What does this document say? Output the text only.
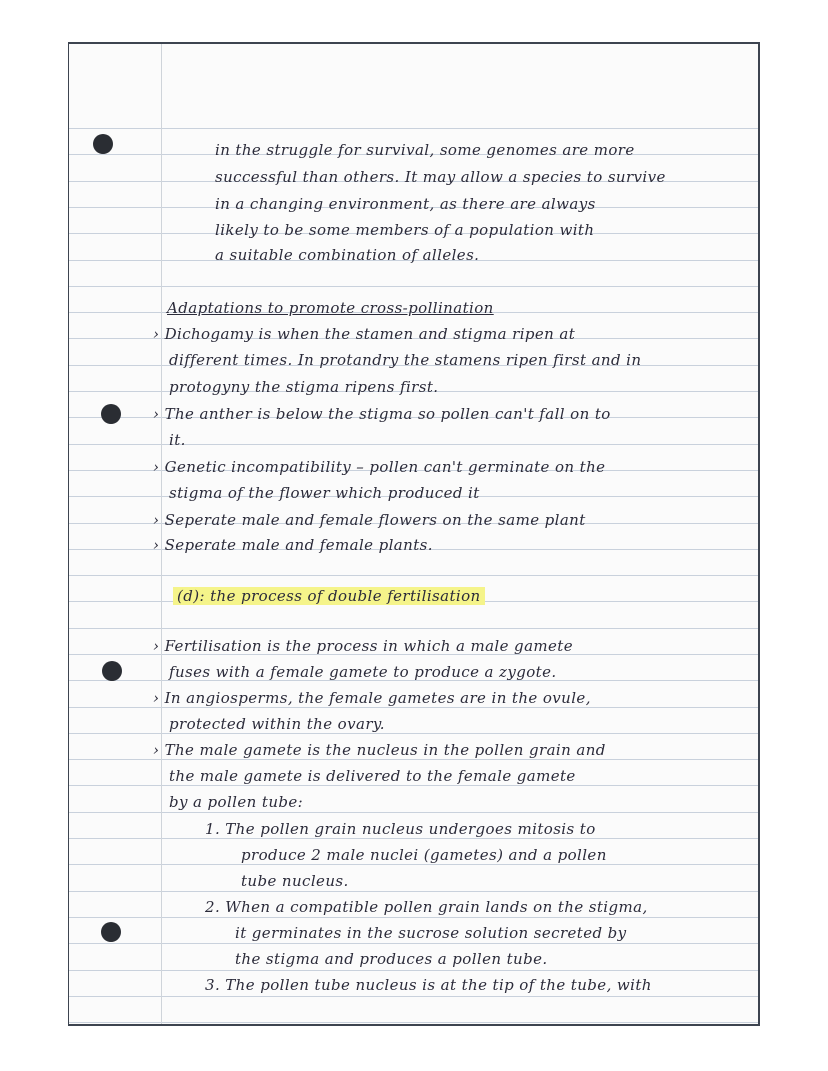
in the struggle for survival, some genomes are more
successful than others. It may allow a species to survive
in a changing environment, as there are always
likely to be some members of a population with
a suitable combination of alleles.
Adaptations to promote cross-pollination
› Dichogamy is when the stamen and stigma ripen at
different times. In protandry the stamens ripen first and in
protogyny the stigma ripens first.
› The anther is below the stigma so pollen can't fall on to
it.
› Genetic incompatibility – pollen can't germinate on the
stigma of the flower which produced it
› Seperate male and female flowers on the same plant
› Seperate male and female plants.
(d): the process of double fertilisation
› Fertilisation is the process in which a male gamete
fuses with a female gamete to produce a zygote.
› In angiosperms, the female gametes are in the ovule,
protected within the ovary.
› The male gamete is the nucleus in the pollen grain and
the male gamete is delivered to the female gamete
by a pollen tube:
1. The pollen grain nucleus undergoes mitosis to
produce 2 male nuclei (gametes) and a pollen
tube nucleus.
2. When a compatible pollen grain lands on the stigma,
it germinates in the sucrose solution secreted by
the stigma and produces a pollen tube.
3. The pollen tube nucleus is at the tip of the tube, with
